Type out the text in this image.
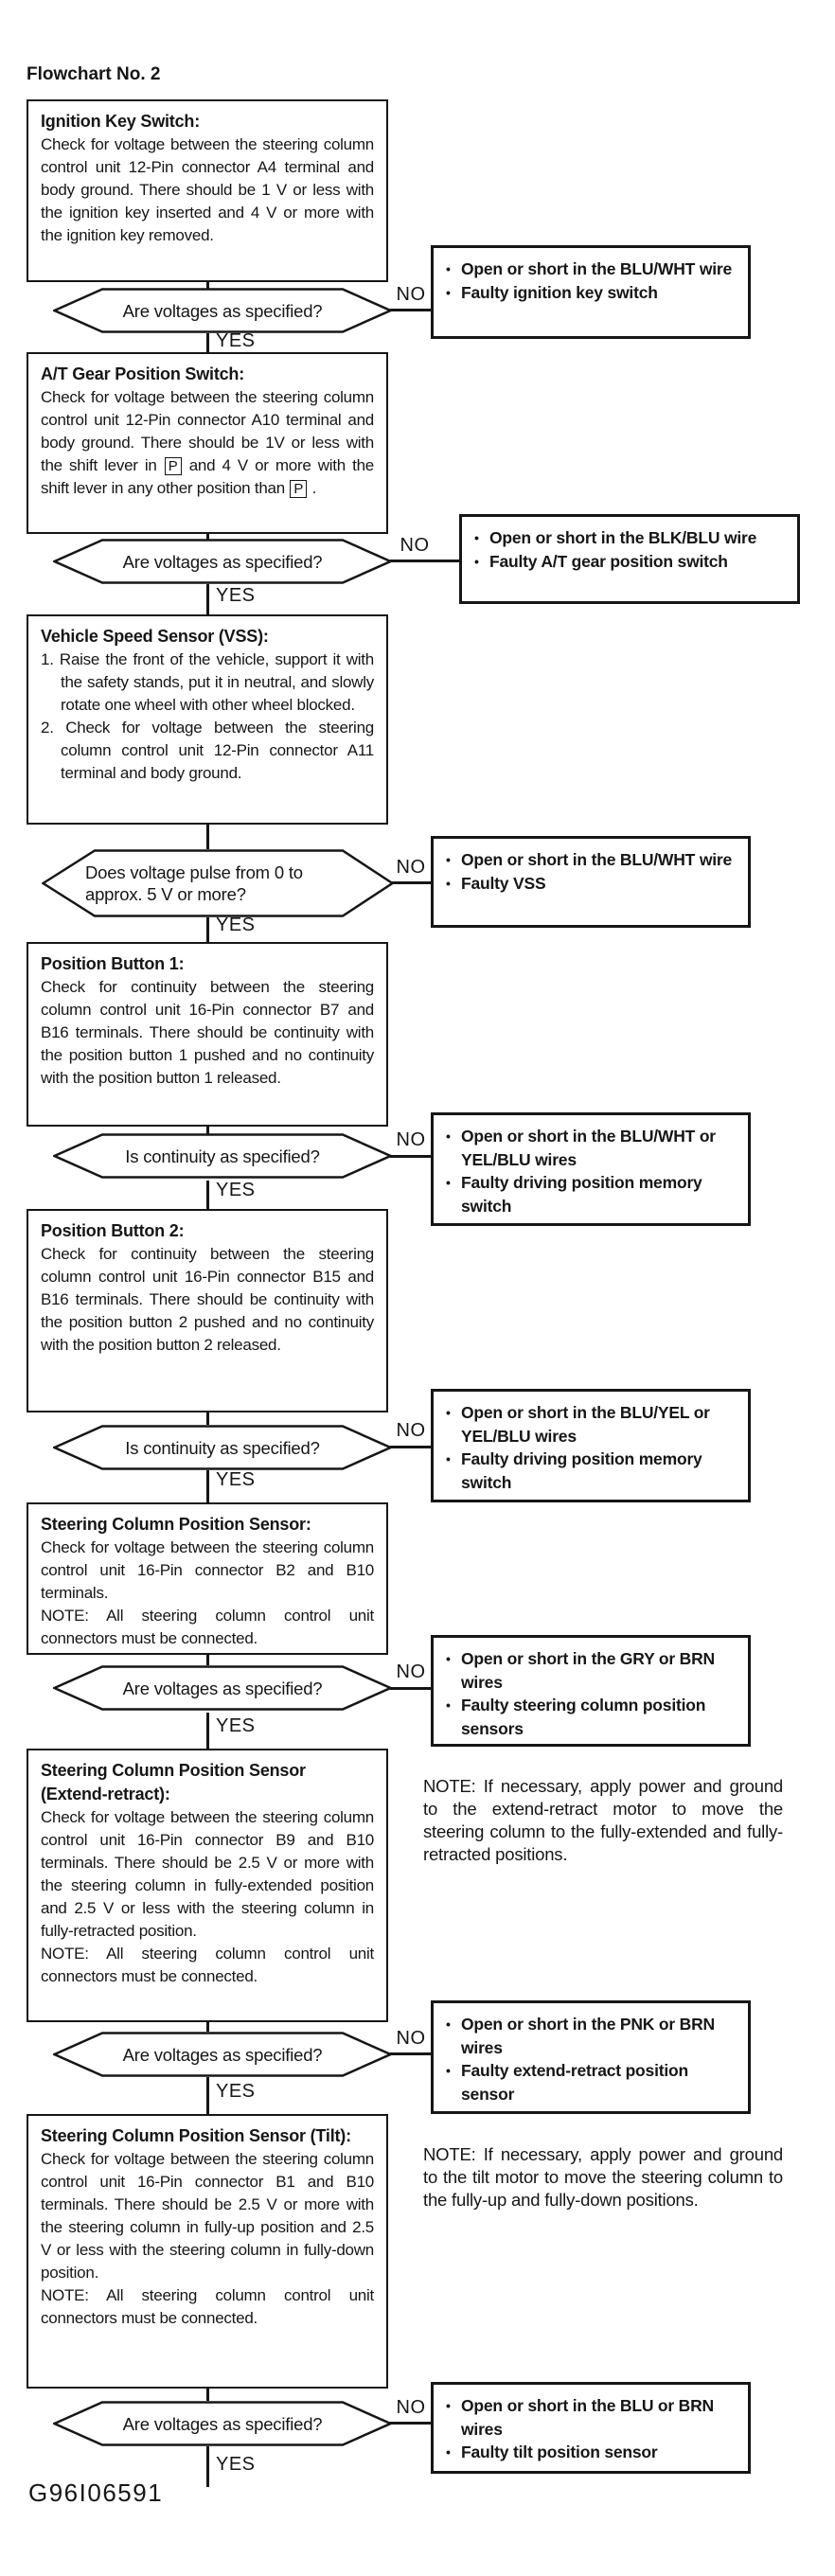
Flowchart No. 2
Ignition Key Switch:
Check for voltage between the steering column control unit 12-Pin connector A4 terminal and body ground. There should be 1 V or less with the ignition key inserted and 4 V or more with the ignition key removed.
Are voltages as specified?
NO
• Open or short in the BLU/WHT wire
• Faulty ignition key switch
YES
A/T Gear Position Switch:
Check for voltage between the steering column control unit 12-Pin connector A10 terminal and body ground. There should be 1V or less with the shift lever in P and 4 V or more with the shift lever in any other position than P .
Are voltages as specified?
NO	• Open or short in the BLK/BLU wire
• Faulty A/T gear position switch
YES
Vehicle Speed Sensor (VSS):
1. Raise the front of the vehicle, support it with the safety stands, put it in neutral, and slowly rotate one wheel with other wheel blocked.
2. Check for voltage between the steering column control unit 12-Pin connector A11 terminal and body ground.
Does voltage pulse from 0 to approx. 5 V or more?
NO	• Open or short in the BLU/WHT wire
• Faulty VSS
YES
Position Button 1:
Check for continuity between the steering column control unit 16-Pin connector B7 and B16 terminals. There should be continuity with the position button 1 pushed and no continuity with the position button 1 released.
Is continuity as specified?
NO	• Open or short in the BLU/WHT or YEL/BLU wires
• Faulty driving position memory switch
YES
Position Button 2:
Check for continuity between the steering column control unit 16-Pin connector B15 and B16 terminals. There should be continuity with the position button 2 pushed and no continuity with the position button 2 released.
Is continuity as specified?
NO
• Open or short in the BLU/YEL or YEL/BLU wires
• Faulty driving position memory switch
YES
Steering Column Position Sensor:
Check for voltage between the steering column control unit 16-Pin connector B2 and B10 terminals.
NOTE: All steering column control unit connectors must be connected.
Are voltages as specified?
NO
• Open or short in the GRY or BRN wires
• Faulty steering column position sensors
YES
Steering Column Position Sensor (Extend-retract):
Check for voltage between the steering column control unit 16-Pin connector B9 and B10 terminals. There should be 2.5 V or more with the steering column in fully-extended position and 2.5 V or less with the steering column in fully-retracted position.
NOTE: All steering column control unit connectors must be connected.
NOTE: If necessary, apply power and ground to the extend-retract motor to move the steering column to the fully-extended and fully-retracted positions.
Are voltages as specified?
NO
• Open or short in the PNK or BRN wires
• Faulty extend-retract position sensor
YES
Steering Column Position Sensor (Tilt):
Check for voltage between the steering column control unit 16-Pin connector B1 and B10 terminals. There should be 2.5 V or more with the steering column in fully-up position and 2.5 V or less with the steering column in fully-down position.
NOTE: All steering column control unit connectors must be connected.
NOTE: If necessary, apply power and ground to the tilt motor to move the steering column to the fully-up and fully-down positions.
Are voltages as specified?
NO	• Open or short in the BLU or BRN wires
• Faulty tilt position sensor
YES
G96I06591
